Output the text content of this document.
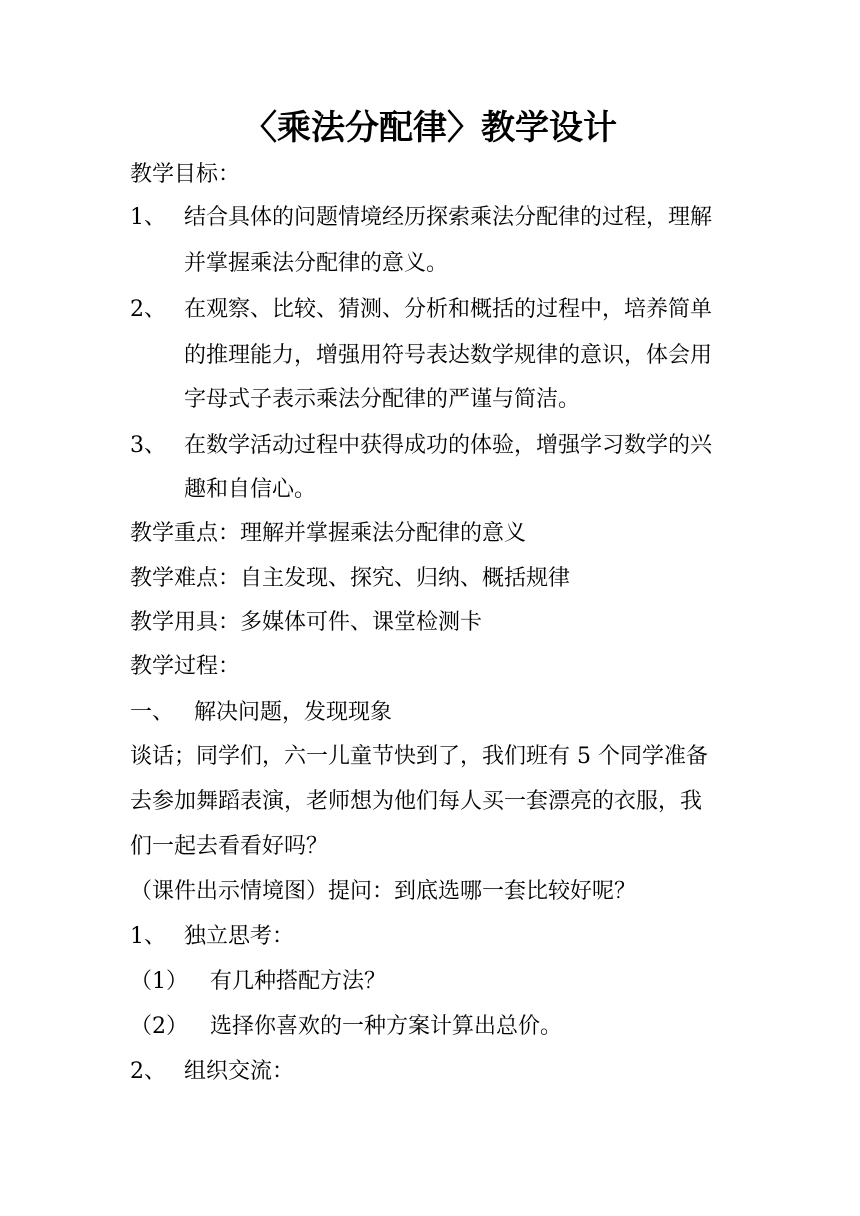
〈乘法分配律〉教学设计
教学目标：
1、 结合具体的问题情境经历探索乘法分配律的过程，理解
并掌握乘法分配律的意义。
2、 在观察、比较、猜测、分析和概括的过程中，培养简单
的推理能力，增强用符号表达数学规律的意识，体会用
字母式子表示乘法分配律的严谨与简洁。
3、 在数学活动过程中获得成功的体验，增强学习数学的兴
趣和自信心。
教学重点：理解并掌握乘法分配律的意义
教学难点：自主发现、探究、归纳、概括规律
教学用具：多媒体可件、课堂检测卡
教学过程：
一、 解决问题，发现现象
谈话；同学们，六一儿童节快到了，我们班有 5 个同学准备
去参加舞蹈表演，老师想为他们每人买一套漂亮的衣服，我
们一起去看看好吗？
（课件出示情境图）提问：到底选哪一套比较好呢？
1、 独立思考：
（1） 有几种搭配方法？
（2） 选择你喜欢的一种方案计算出总价。
2、 组织交流：
